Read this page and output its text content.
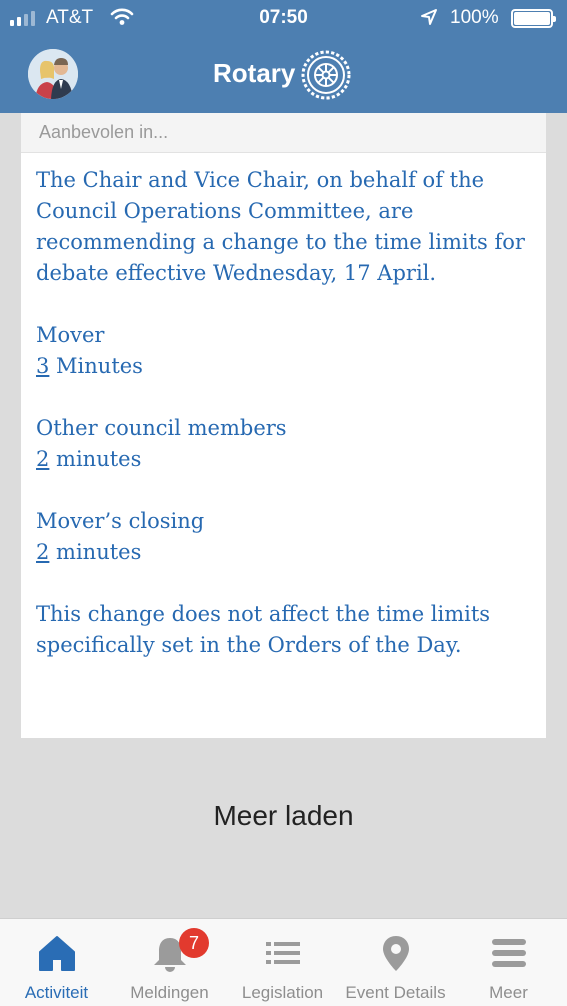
AT&T	07:50	100%
Rotary
Aanbevolen in...

The Chair and Vice Chair, on behalf of the Council Operations Committee, are recommending a change to the time limits for debate effective Wednesday, 17 April.

Mover
3 Minutes

Other council members
2 minutes

Mover’s closing
2 minutes

This change does not affect the time limits specifically set in the Orders of the Day.

Meer laden
Activiteit
7
Meldingen	Legislation	Event Details	Meer
